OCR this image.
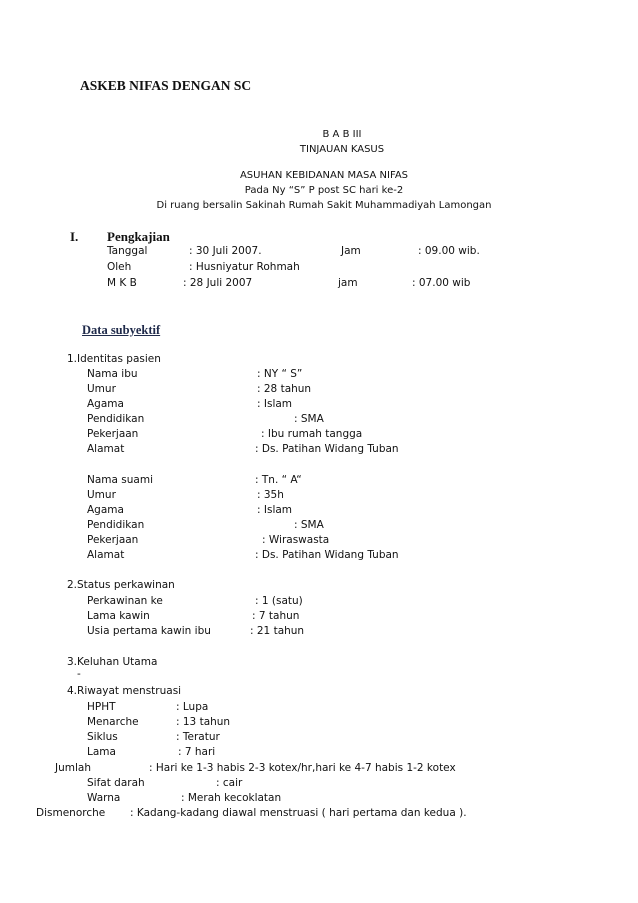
ASKEB NIFAS DENGAN SC
B A B III
TINJAUAN KASUS
ASUHAN KEBIDANAN MASA NIFAS
Pada Ny “S” P post SC hari ke-2
Di ruang bersalin Sakinah Rumah Sakit Muhammadiyah Lamongan
I. Pengkajian
Tanggal	: 30 Juli 2007.	Jam	: 09.00 wib.
Oleh	: Husniyatur Rohmah
M K B	: 28 Juli 2007	jam	: 07.00 wib
Data subyektif
1.Identitas pasien
Nama ibu	: NY “ S”
Umur	: 28 tahun
Agama	: Islam
Pendidikan	: SMA
Pekerjaan	: Ibu rumah tangga
Alamat	: Ds. Patihan Widang Tuban
Nama suami	: Tn. “ A“
Umur	: 35h
Agama	: Islam
Pendidikan	: SMA
Pekerjaan	: Wiraswasta
Alamat	: Ds. Patihan Widang Tuban
2.Status perkawinan
Perkawinan ke	: 1 (satu)
Lama kawin	: 7 tahun
Usia pertama kawin ibu	: 21 tahun
3.Keluhan Utama
-
4.Riwayat menstruasi
HPHT	: Lupa
Menarche	: 13 tahun
Siklus	: Teratur
Lama	: 7 hari
Jumlah	: Hari ke 1-3 habis 2-3 kotex/hr,hari ke 4-7 habis 1-2 kotex
Sifat darah	: cair
Warna	: Merah kecoklatan
Dismenorche : Kadang-kadang diawal menstruasi ( hari pertama dan kedua ).
